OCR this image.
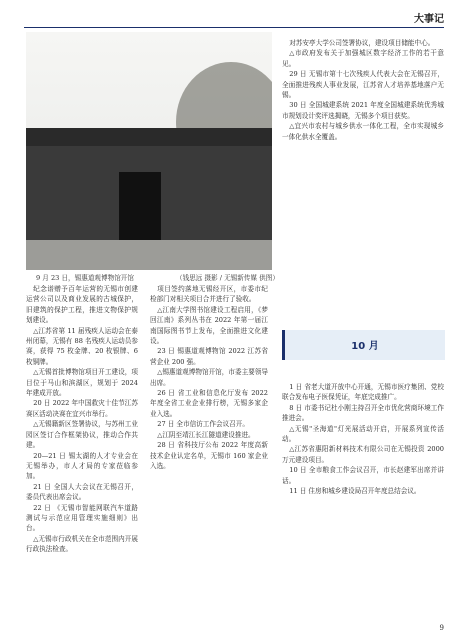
大事记
9 月 23 日，锡惠道观博物馆开馆	（钱思远 摄影 / 无锡新传媒 供图）

纪念谱赠予百年运营的无锡市创建运营公司以及商业发展的古城保护，旧建筑的保护工程，推进文物保护规划建设。

△江苏省第 11 届残疾人运动会在泰州闭幕，无锡有 88 名残疾人运动员参赛，获得 75 枚金牌、20 枚银牌、6 枚铜牌。

△无锡首批博物馆项目开工建设，项目位于马山和滨湖区，规划于 2024 年建成开放。

20 日 2022 年中国救灾十佳节江苏赛区活动决赛在宜兴市举行。

△无锡籍新区签署协议，与苏州工业园区签订合作框架协议，推动合作共建。

20—21 日 锡太湖的人才专业会在无锡举办，市人才局的专家莅临参加。

21 日 全国人大会议在无锡召开，委员代表出席会议。

22 日 《无锡市智能网联汽车道路测试与示范应用管理实施细则》出台。

△无锡市行政机关在全市范围内开展行政执法检查。

项目签约落地无锡经开区，市委市纪检部门对相关项目合并进行了验收。

△江南大学图书馆建设工程启用，《梦回江南》系列丛书在 2022 年第一届江南国际图书节上发布，全面推进文化建设。

23 日 锡惠道观博物馆 2022 江苏省营企业 200 强。

△锡惠道观博物馆开馆，市委主要领导出席。

26 日 省工业和信息化厅发布 2022 年度全省工业企业排行榜，无锡多家企业入选。

27 日 全市信访工作会议召开。

△江阴至靖江长江隧道建设推进。

28 日 省科技厅公布 2022 年度高新技术企业认定名单，无锡市 160 家企业入选。

对苏安亭大学公司签署协议，建设项目储能中心。

△市政府发布关于加强城区数字经济工作的若干意见。

29 日 无锡市第十七次残疾人代表大会在无锡召开，全面推进残疾人事业发展，江苏省人才培养基地落户无锡。

30 日 全国城建系统 2021 年度全国城建系统优秀城市规划设计奖评选揭晓，无锡多个项目获奖。

△宜兴市农村与城乡供水一体化工程，全市实现城乡一体化供水全覆盖。

10 月

1 日 省老大道开放中心开通，无锡市医疗集团、党校联合发布电子医保凭证，年底完成推广。

8 日 市委书记杜小刚主持召开全市优化营商环境工作推进会。

△无锡"圣海道"灯光展活动开启，开展系列宣传活动。

△江苏省惠阳新材料技术有限公司在无锡投资 2000 万元建设项目。

10 日 全市粮食工作会议召开，市长赵建军出席并讲话。

11 日 住房和城乡建设局召开年度总结会议。

9
